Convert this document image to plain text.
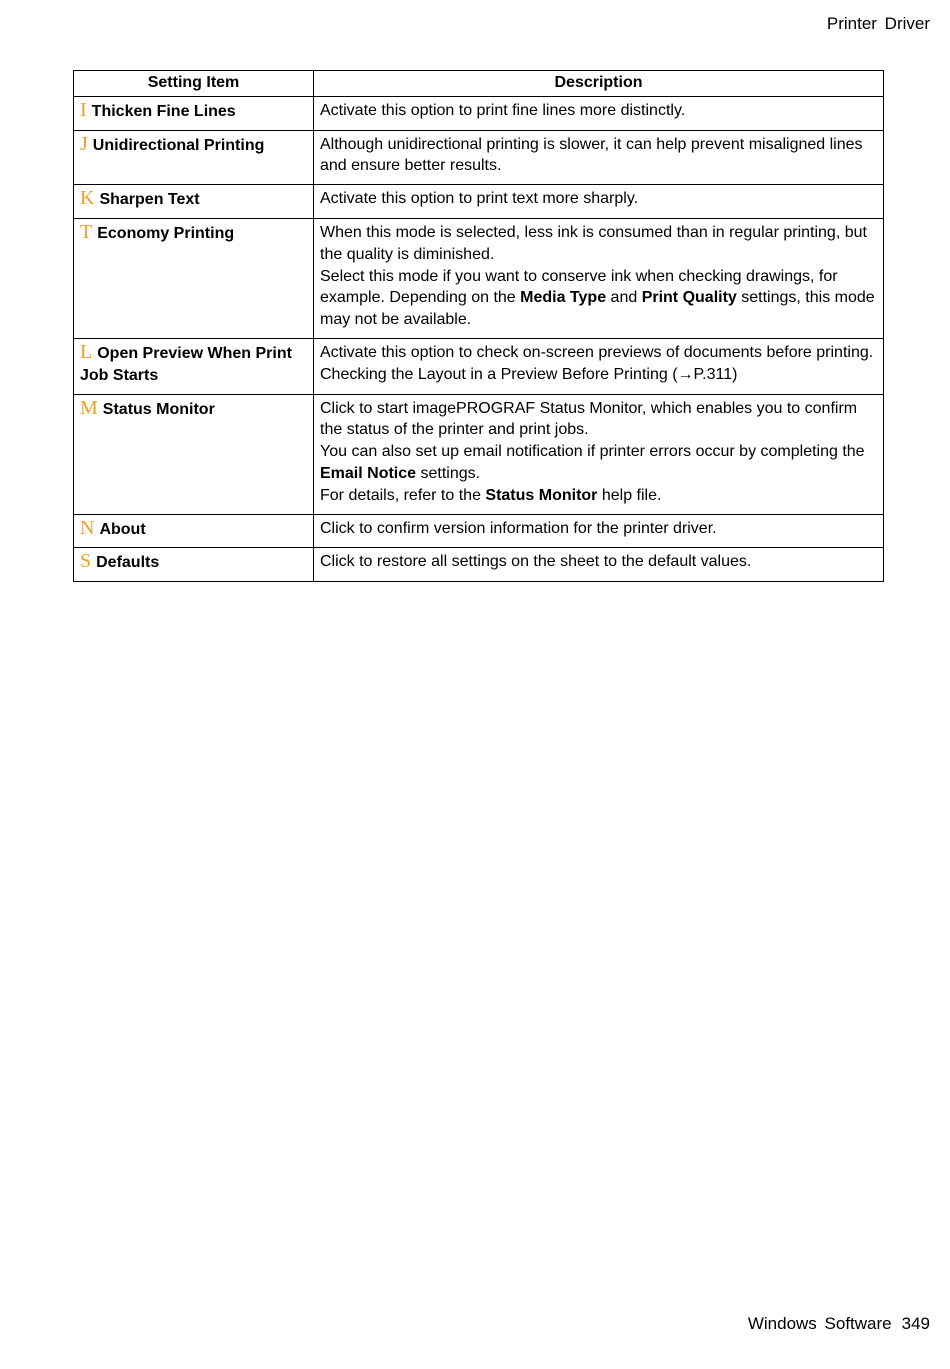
Printer Driver
Setting Item	Description
I Thicken Fine Lines	Activate this option to print fine lines more distinctly.
J Unidirectional Printing	Although unidirectional printing is slower, it can help prevent misaligned lines and ensure better results.
K Sharpen Text	Activate this option to print text more sharply.
T Economy Printing	When this mode is selected, less ink is consumed than in regular printing, but the quality is diminished.
Select this mode if you want to conserve ink when checking drawings, for example. Depending on the Media Type and Print Quality settings, this mode may not be available.
L Open Preview When Print Job Starts	Activate this option to check on-screen previews of documents before printing.
Checking the Layout in a Preview Before Printing (→P.311)
M Status Monitor	Click to start imagePROGRAF Status Monitor, which enables you to confirm the status of the printer and print jobs.
You can also set up email notification if printer errors occur by completing the Email Notice settings.
For details, refer to the Status Monitor help file.
N About	Click to confirm version information for the printer driver.
S Defaults	Click to restore all settings on the sheet to the default values.
Windows Software 349
